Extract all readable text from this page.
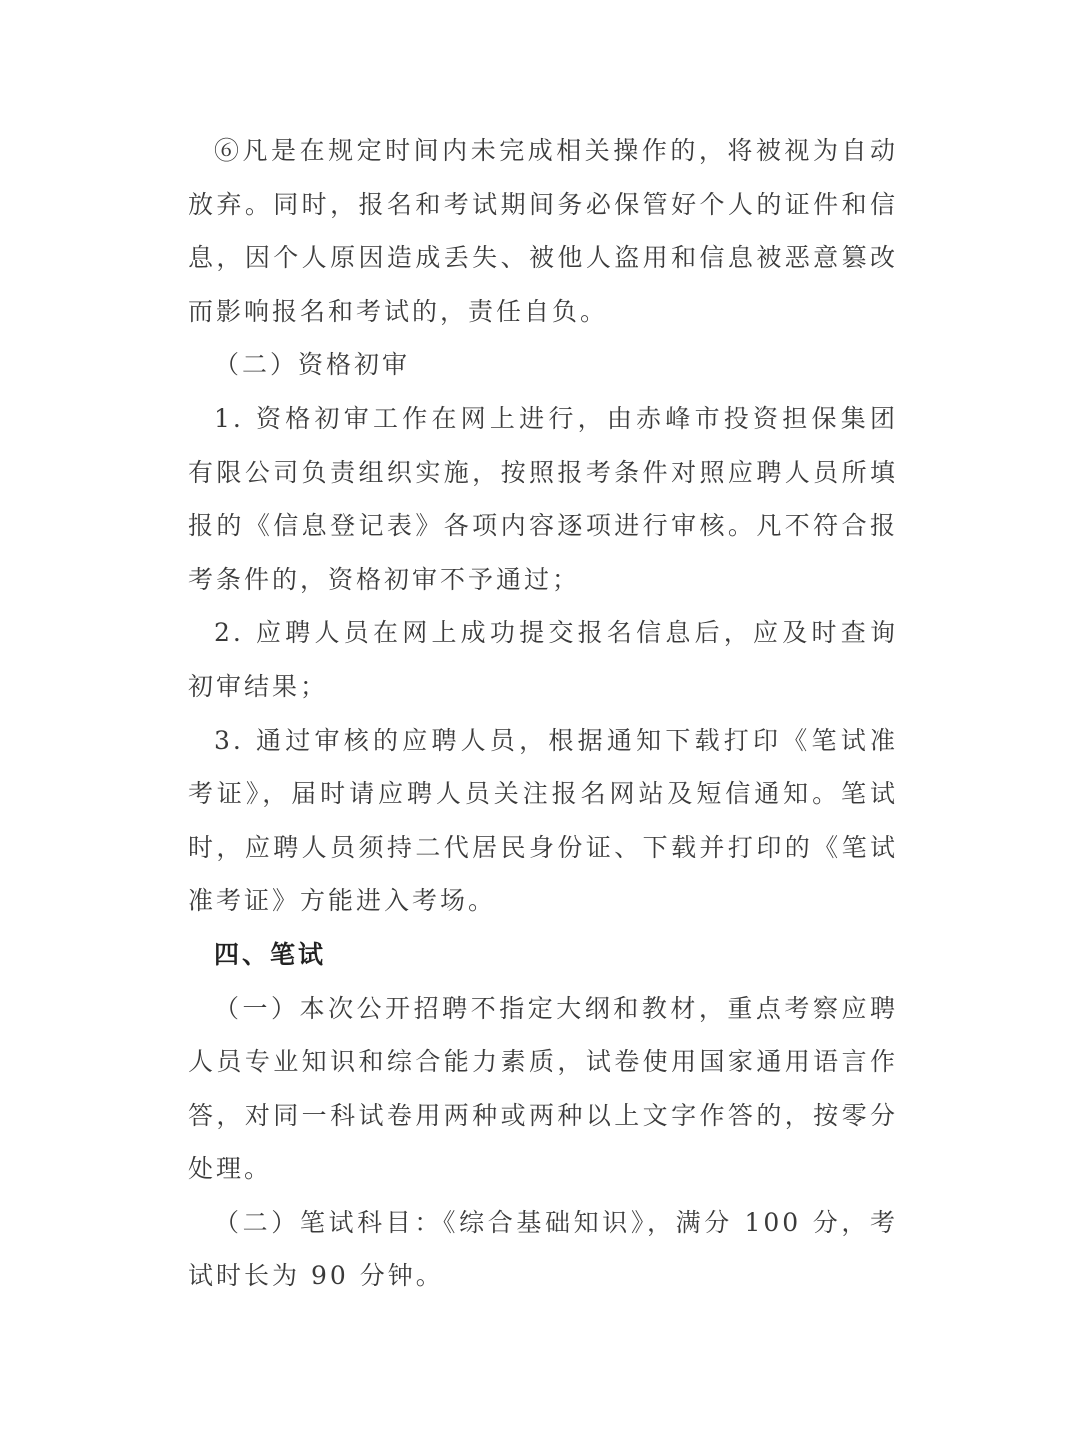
⑥凡是在规定时间内未完成相关操作的，将被视为自动放弃。同时，报名和考试期间务必保管好个人的证件和信息，因个人原因造成丢失、被他人盗用和信息被恶意篡改而影响报名和考试的，责任自负。

（二）资格初审

1. 资格初审工作在网上进行，由赤峰市投资担保集团有限公司负责组织实施，按照报考条件对照应聘人员所填报的《信息登记表》各项内容逐项进行审核。凡不符合报考条件的，资格初审不予通过；

2. 应聘人员在网上成功提交报名信息后，应及时查询初审结果；

3. 通过审核的应聘人员，根据通知下载打印《笔试准考证》，届时请应聘人员关注报名网站及短信通知。笔试时，应聘人员须持二代居民身份证、下载并打印的《笔试准考证》方能进入考场。

四、笔试

（一）本次公开招聘不指定大纲和教材，重点考察应聘人员专业知识和综合能力素质，试卷使用国家通用语言作答，对同一科试卷用两种或两种以上文字作答的，按零分处理。

（二）笔试科目：《综合基础知识》，满分 100 分，考试时长为 90 分钟。
